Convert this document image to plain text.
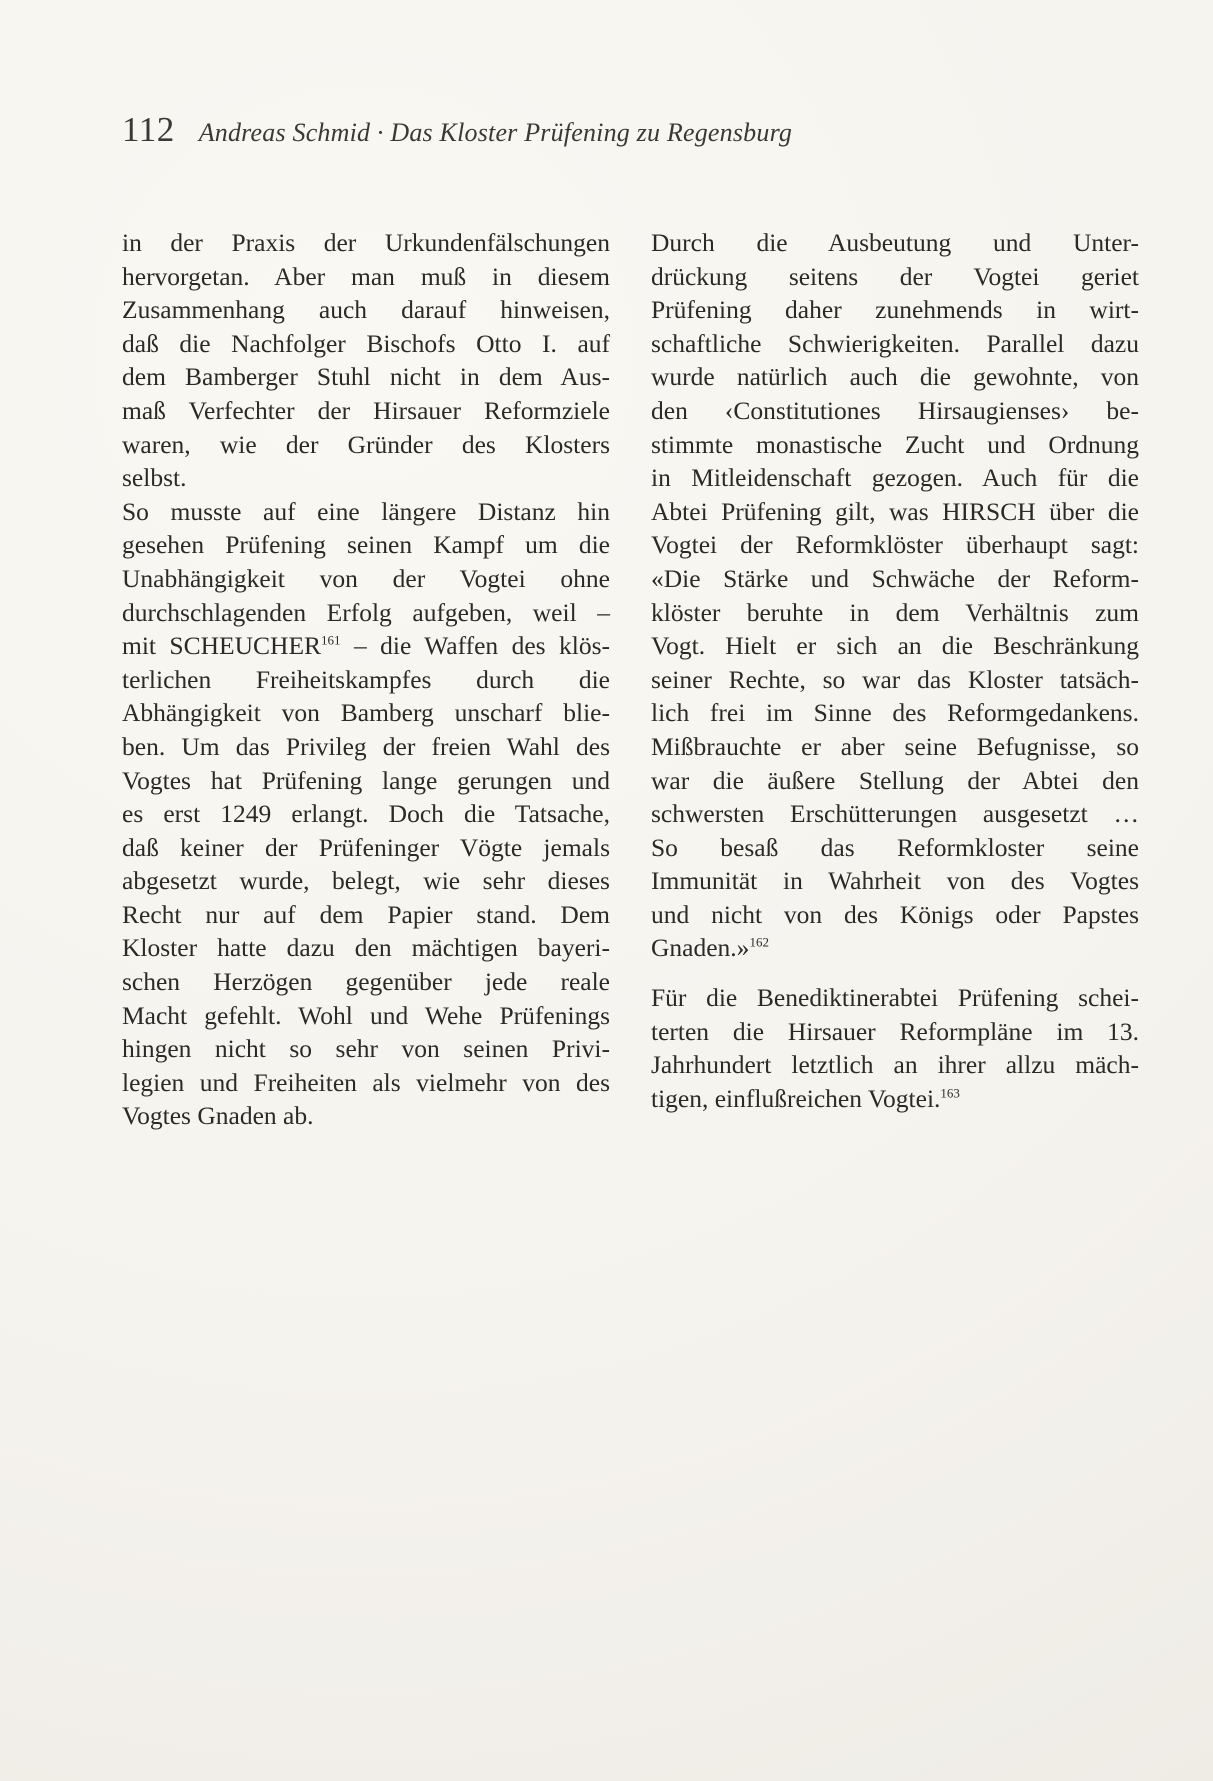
112 Andreas Schmid · Das Kloster Prüfening zu Regensburg
in der Praxis der Urkundenfälschungen
hervorgetan. Aber man muß in diesem
Zusammenhang auch darauf hinweisen,
daß die Nachfolger Bischofs Otto I. auf
dem Bamberger Stuhl nicht in dem Aus-
maß Verfechter der Hirsauer Reformziele
waren, wie der Gründer des Klosters
selbst.
So musste auf eine längere Distanz hin
gesehen Prüfening seinen Kampf um die
Unabhängigkeit von der Vogtei ohne
durchschlagenden Erfolg aufgeben, weil –
mit SCHEUCHER$^{161}$ – die Waffen des klös-
terlichen Freiheitskampfes durch die
Abhängigkeit von Bamberg unscharf blie-
ben. Um das Privileg der freien Wahl des
Vogtes hat Prüfening lange gerungen und
es erst 1249 erlangt. Doch die Tatsache,
daß keiner der Prüfeninger Vögte jemals
abgesetzt wurde, belegt, wie sehr dieses
Recht nur auf dem Papier stand. Dem
Kloster hatte dazu den mächtigen bayeri-
schen Herzögen gegenüber jede reale
Macht gefehlt. Wohl und Wehe Prüfenings
hingen nicht so sehr von seinen Privi-
legien und Freiheiten als vielmehr von des
Vogtes Gnaden ab.
Durch die Ausbeutung und Unter-
drückung seitens der Vogtei geriet
Prüfening daher zunehmends in wirt-
schaftliche Schwierigkeiten. Parallel dazu
wurde natürlich auch die gewohnte, von
den ‹Constitutiones Hirsaugienses› be-
stimmte monastische Zucht und Ordnung
in Mitleidenschaft gezogen. Auch für die
Abtei Prüfening gilt, was HIRSCH über die
Vogtei der Reformklöster überhaupt sagt:
«Die Stärke und Schwäche der Reform-
klöster beruhte in dem Verhältnis zum
Vogt. Hielt er sich an die Beschränkung
seiner Rechte, so war das Kloster tatsäch-
lich frei im Sinne des Reformgedankens.
Mißbrauchte er aber seine Befugnisse, so
war die äußere Stellung der Abtei den
schwersten Erschütterungen ausgesetzt …
So besaß das Reformkloster seine
Immunität in Wahrheit von des Vogtes
und nicht von des Königs oder Papstes
Gnaden.»$^{162}$
Für die Benediktinerabtei Prüfening schei-
terten die Hirsauer Reformpläne im 13.
Jahrhundert letztlich an ihrer allzu mäch-
tigen, einflußreichen Vogtei.$^{163}$
